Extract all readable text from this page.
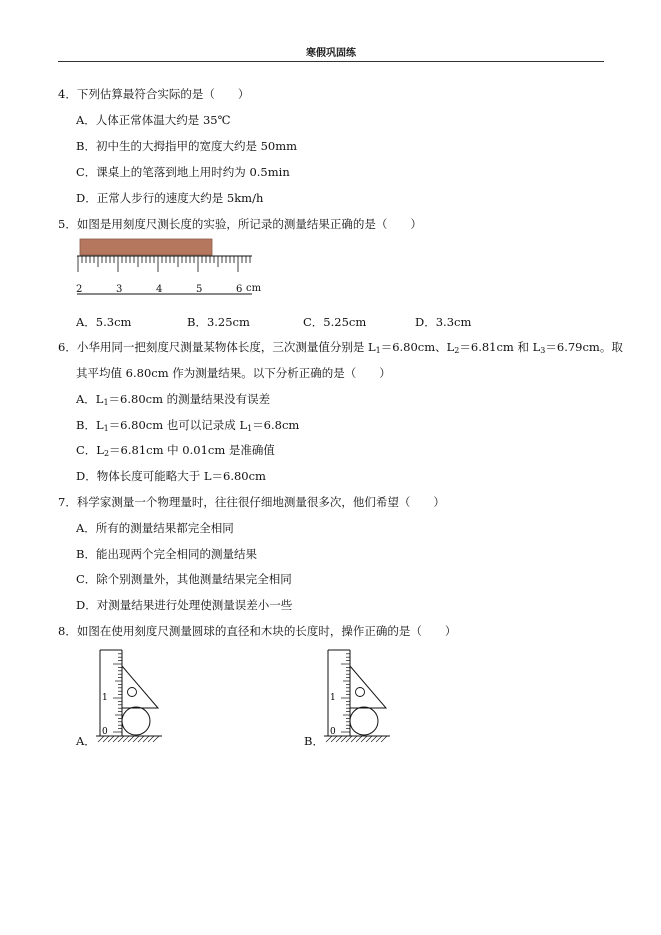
寒假巩固练
4．下列估算最符合实际的是（　　）
A．人体正常体温大约是 35℃
B．初中生的大拇指甲的宽度大约是 50mm
C．课桌上的笔落到地上用时约为 0.5min
D．正常人步行的速度大约是 5km/h
5．如图是用刻度尺测长度的实验，所记录的测量结果正确的是（　　）
2	3	4	5	6 cm
A．5.3cm	B．3.25cm	C．5.25cm	D．3.3cm
6．小华用同一把刻度尺测量某物体长度，三次测量值分别是 $L_1=6.80cm$、$L_2=6.81cm$ 和 $L_3=6.79cm$。取
其平均值 6.80cm 作为测量结果。以下分析正确的是（　　）
A．$L_1=6.80cm$ 的测量结果没有误差
B．$L_1=6.80cm$ 也可以记录成 $L_1=6.8cm$
C．$L_2=6.81cm$ 中 0.01cm 是准确值
D．物体长度可能略大于 L＝6.80cm
7．科学家测量一个物理量时，往往很仔细地测量很多次，他们希望（　　）
A．所有的测量结果都完全相同
B．能出现两个完全相同的测量结果
C．除个别测量外，其他测量结果完全相同
D．对测量结果进行处理使测量误差小一些
8．如图在使用刻度尺测量圆球的直径和木块的长度时，操作正确的是（　　）
A．
1
0
B．
1
0
